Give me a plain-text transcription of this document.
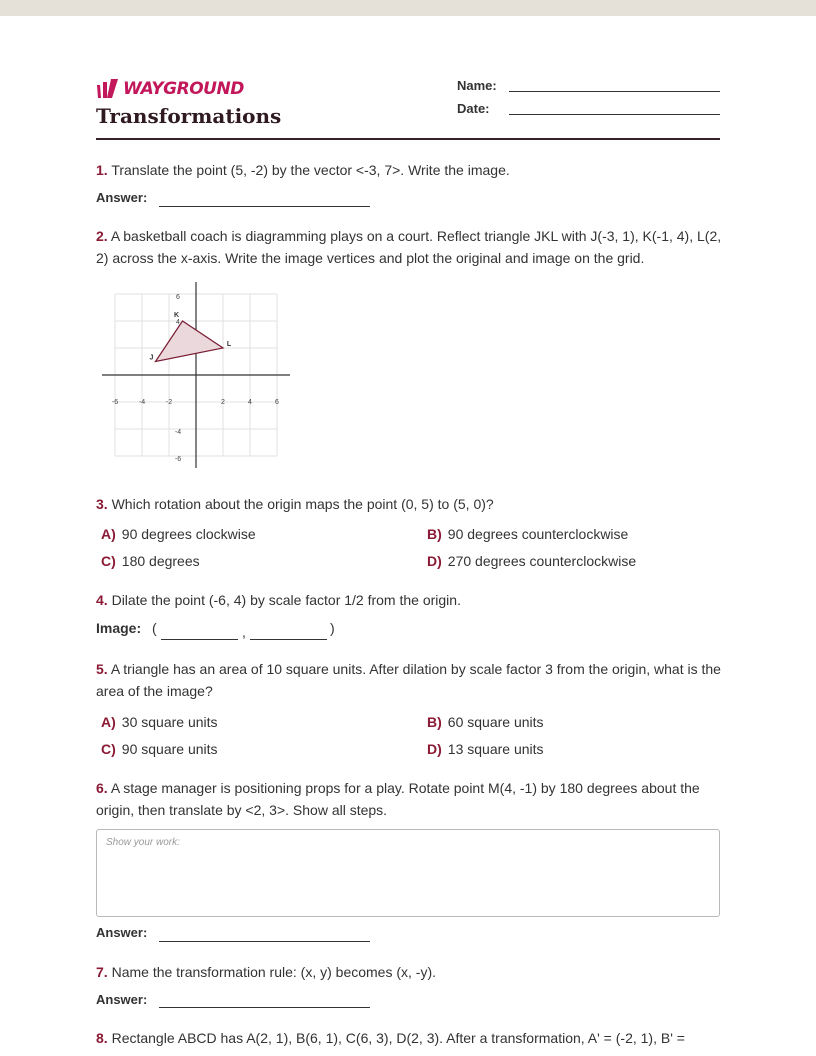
WAYGROUND
Transformations
Name:
Date:
1. Translate the point (5, -2) by the vector <-3, 7>. Write the image.
Answer:
2. A basketball coach is diagramming plays on a court. Reflect triangle JKL with J(-3, 1), K(-1, 4), L(2, 2) across the x-axis. Write the image vertices and plot the original and image on the grid.
-6	-4	-2	2	4	6
6
-4
-6
4
J
K
L
3. Which rotation about the origin maps the point (0, 5) to (5, 0)?
A) 90 degrees clockwise	B) 90 degrees counterclockwise
C) 180 degrees	D) 270 degrees counterclockwise
4. Dilate the point (-6, 4) by scale factor 1/2 from the origin.
Image: (	,	)
5. A triangle has an area of 10 square units. After dilation by scale factor 3 from the origin, what is the area of the image?
A) 30 square units	B) 60 square units
C) 90 square units	D) 13 square units
6. A stage manager is positioning props for a play. Rotate point M(4, -1) by 180 degrees about the origin, then translate by <2, 3>. Show all steps.
Show your work:
Answer:
7. Name the transformation rule: (x, y) becomes (x, -y).
Answer:
8. Rectangle ABCD has A(2, 1), B(6, 1), C(6, 3), D(2, 3). After a transformation, A' = (-2, 1), B' =
